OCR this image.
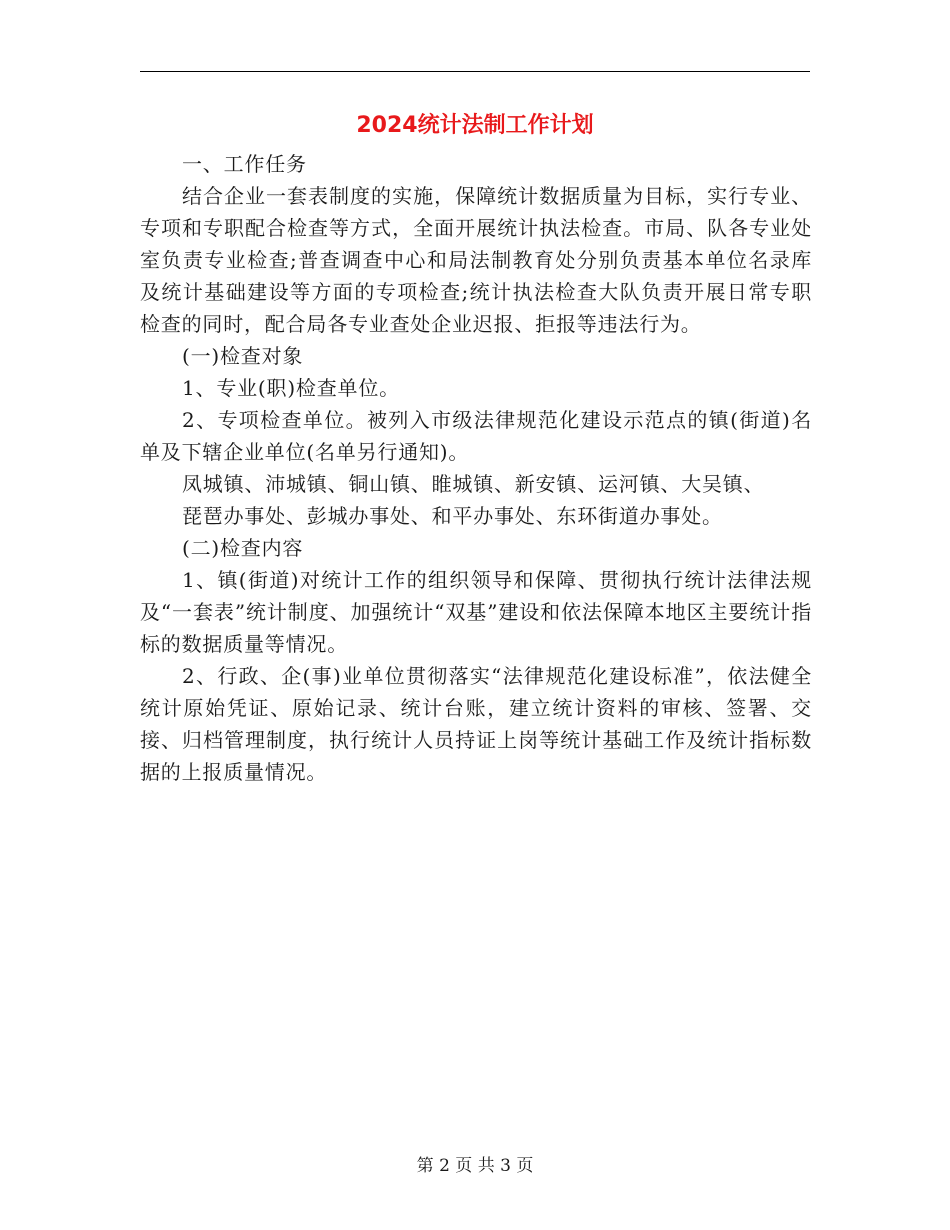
2024统计法制工作计划

一、工作任务

结合企业一套表制度的实施，保障统计数据质量为目标，实行专业、专项和专职配合检查等方式，全面开展统计执法检查。市局、队各专业处室负责专业检查;普查调查中心和局法制教育处分别负责基本单位名录库及统计基础建设等方面的专项检查;统计执法检查大队负责开展日常专职检查的同时，配合局各专业查处企业迟报、拒报等违法行为。

(一)检查对象

1、专业(职)检查单位。

2、专项检查单位。被列入市级法律规范化建设示范点的镇(街道)名单及下辖企业单位(名单另行通知)。

凤城镇、沛城镇、铜山镇、睢城镇、新安镇、运河镇、大吴镇、
琵琶办事处、彭城办事处、和平办事处、东环街道办事处。

(二)检查内容

1、镇(街道)对统计工作的组织领导和保障、贯彻执行统计法律法规及“一套表”统计制度、加强统计“双基”建设和依法保障本地区主要统计指标的数据质量等情况。

2、行政、企(事)业单位贯彻落实“法律规范化建设标准”，依法健全统计原始凭证、原始记录、统计台账，建立统计资料的审核、签署、交接、归档管理制度，执行统计人员持证上岗等统计基础工作及统计指标数据的上报质量情况。

第 2 页 共 3 页
